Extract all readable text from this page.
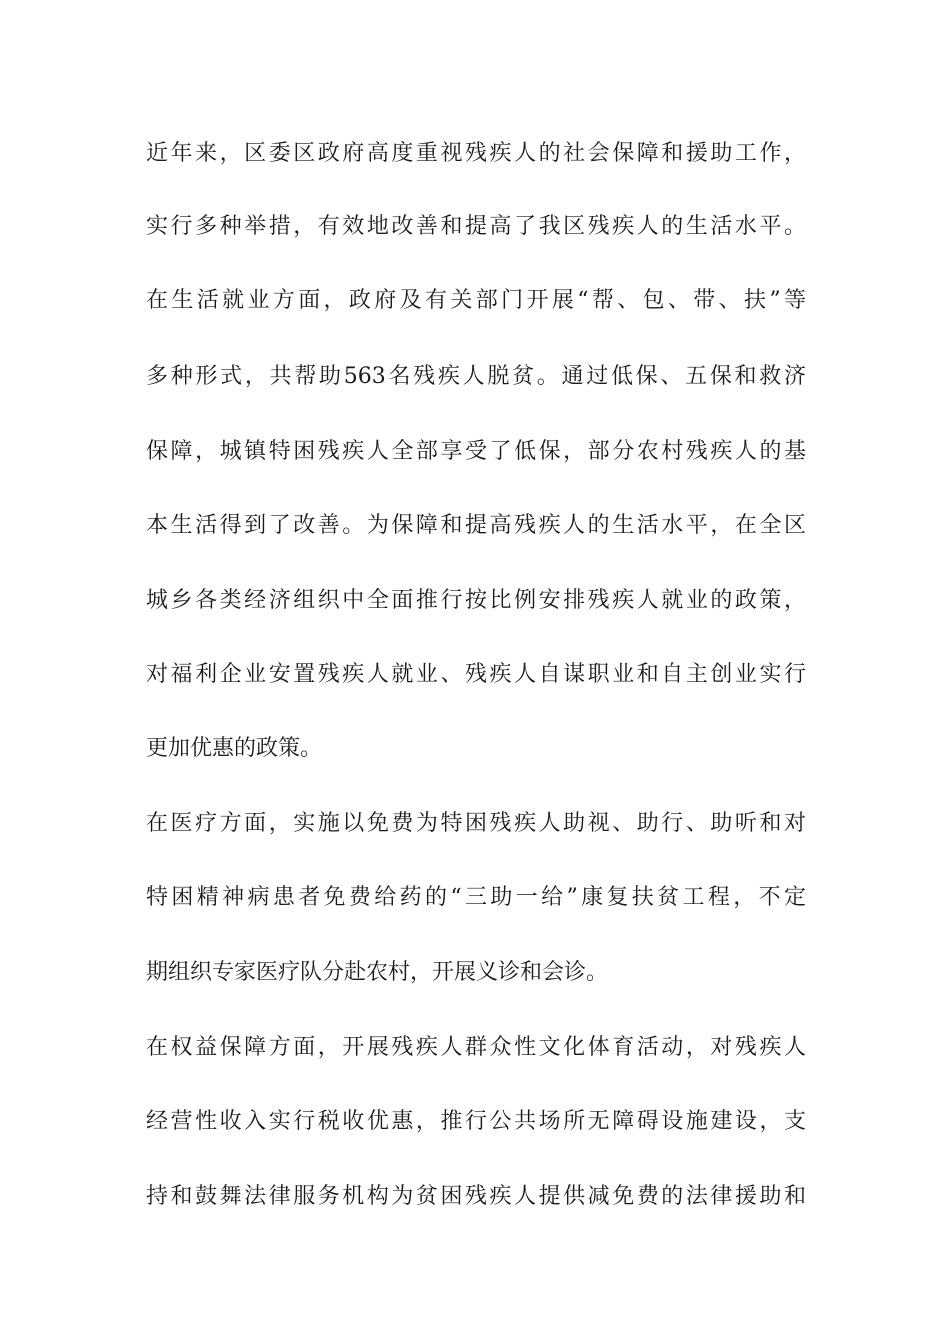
近年来，区委区政府高度重视残疾人的社会保障和援助工作，
实行多种举措，有效地改善和提高了我区残疾人的生活水平。
在生活就业方面，政府及有关部门开展“帮、包、带、扶”等
多种形式，共帮助563名残疾人脱贫。通过低保、五保和救济
保障，城镇特困残疾人全部享受了低保，部分农村残疾人的基
本生活得到了改善。为保障和提高残疾人的生活水平，在全区
城乡各类经济组织中全面推行按比例安排残疾人就业的政策，
对福利企业安置残疾人就业、残疾人自谋职业和自主创业实行
更加优惠的政策。
在医疗方面，实施以免费为特困残疾人助视、助行、助听和对
特困精神病患者免费给药的“三助一给”康复扶贫工程，不定
期组织专家医疗队分赴农村，开展义诊和会诊。
在权益保障方面，开展残疾人群众性文化体育活动，对残疾人
经营性收入实行税收优惠，推行公共场所无障碍设施建设，支
持和鼓舞法律服务机构为贫困残疾人提供减免费的法律援助和
